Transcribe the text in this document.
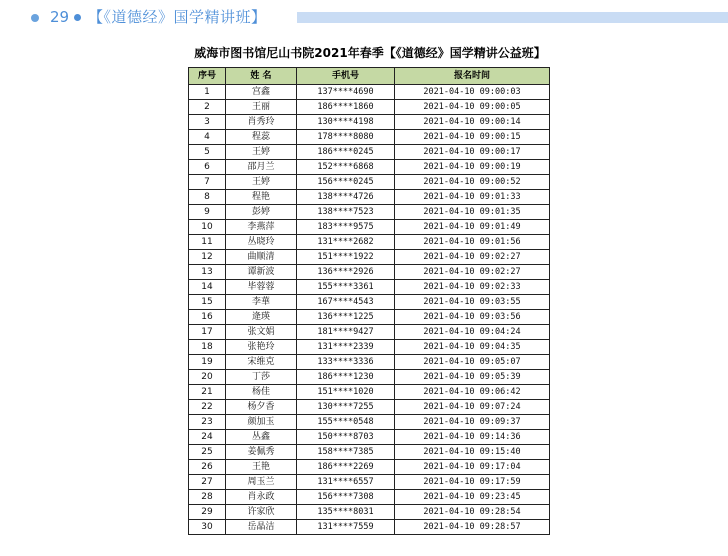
29 【《道德经》国学精讲班】
威海市图书馆尼山书院2021年春季【《道德经》国学精讲公益班】
序号	姓 名	手机号	报名时间
1	宫鑫	137****4690	2021-04-10 09:00:03
2	王丽	186****1860	2021-04-10 09:00:05
3	肖秀玲	130****4198	2021-04-10 09:00:14
4	程蕊	178****8080	2021-04-10 09:00:15
5	王婷	186****0245	2021-04-10 09:00:17
6	邵月兰	152****6868	2021-04-10 09:00:19
7	王婷	156****0245	2021-04-10 09:00:52
8	程艳	138****4726	2021-04-10 09:01:33
9	彭婷	138****7523	2021-04-10 09:01:35
10	李燕萍	183****9575	2021-04-10 09:01:49
11	丛晓玲	131****2682	2021-04-10 09:01:56
12	曲顺清	151****1922	2021-04-10 09:02:27
13	谭新波	136****2926	2021-04-10 09:02:27
14	毕蓉蓉	155****3361	2021-04-10 09:02:33
15	李華	167****4543	2021-04-10 09:03:55
16	逄瑛	136****1225	2021-04-10 09:03:56
17	张文娟	181****9427	2021-04-10 09:04:24
18	张艳玲	131****2339	2021-04-10 09:04:35
19	宋维克	133****3336	2021-04-10 09:05:07
20	丁莎	186****1230	2021-04-10 09:05:39
21	杨佳	151****1020	2021-04-10 09:06:42
22	杨夕香	130****7255	2021-04-10 09:07:24
23	颜加玉	155****0548	2021-04-10 09:09:37
24	丛鑫	150****8703	2021-04-10 09:14:36
25	姜佩秀	158****7385	2021-04-10 09:15:40
26	王艳	186****2269	2021-04-10 09:17:04
27	周玉兰	131****6557	2021-04-10 09:17:59
28	肖永政	156****7308	2021-04-10 09:23:45
29	许家欣	135****8031	2021-04-10 09:28:54
30	岳晶洁	131****7559	2021-04-10 09:28:57
